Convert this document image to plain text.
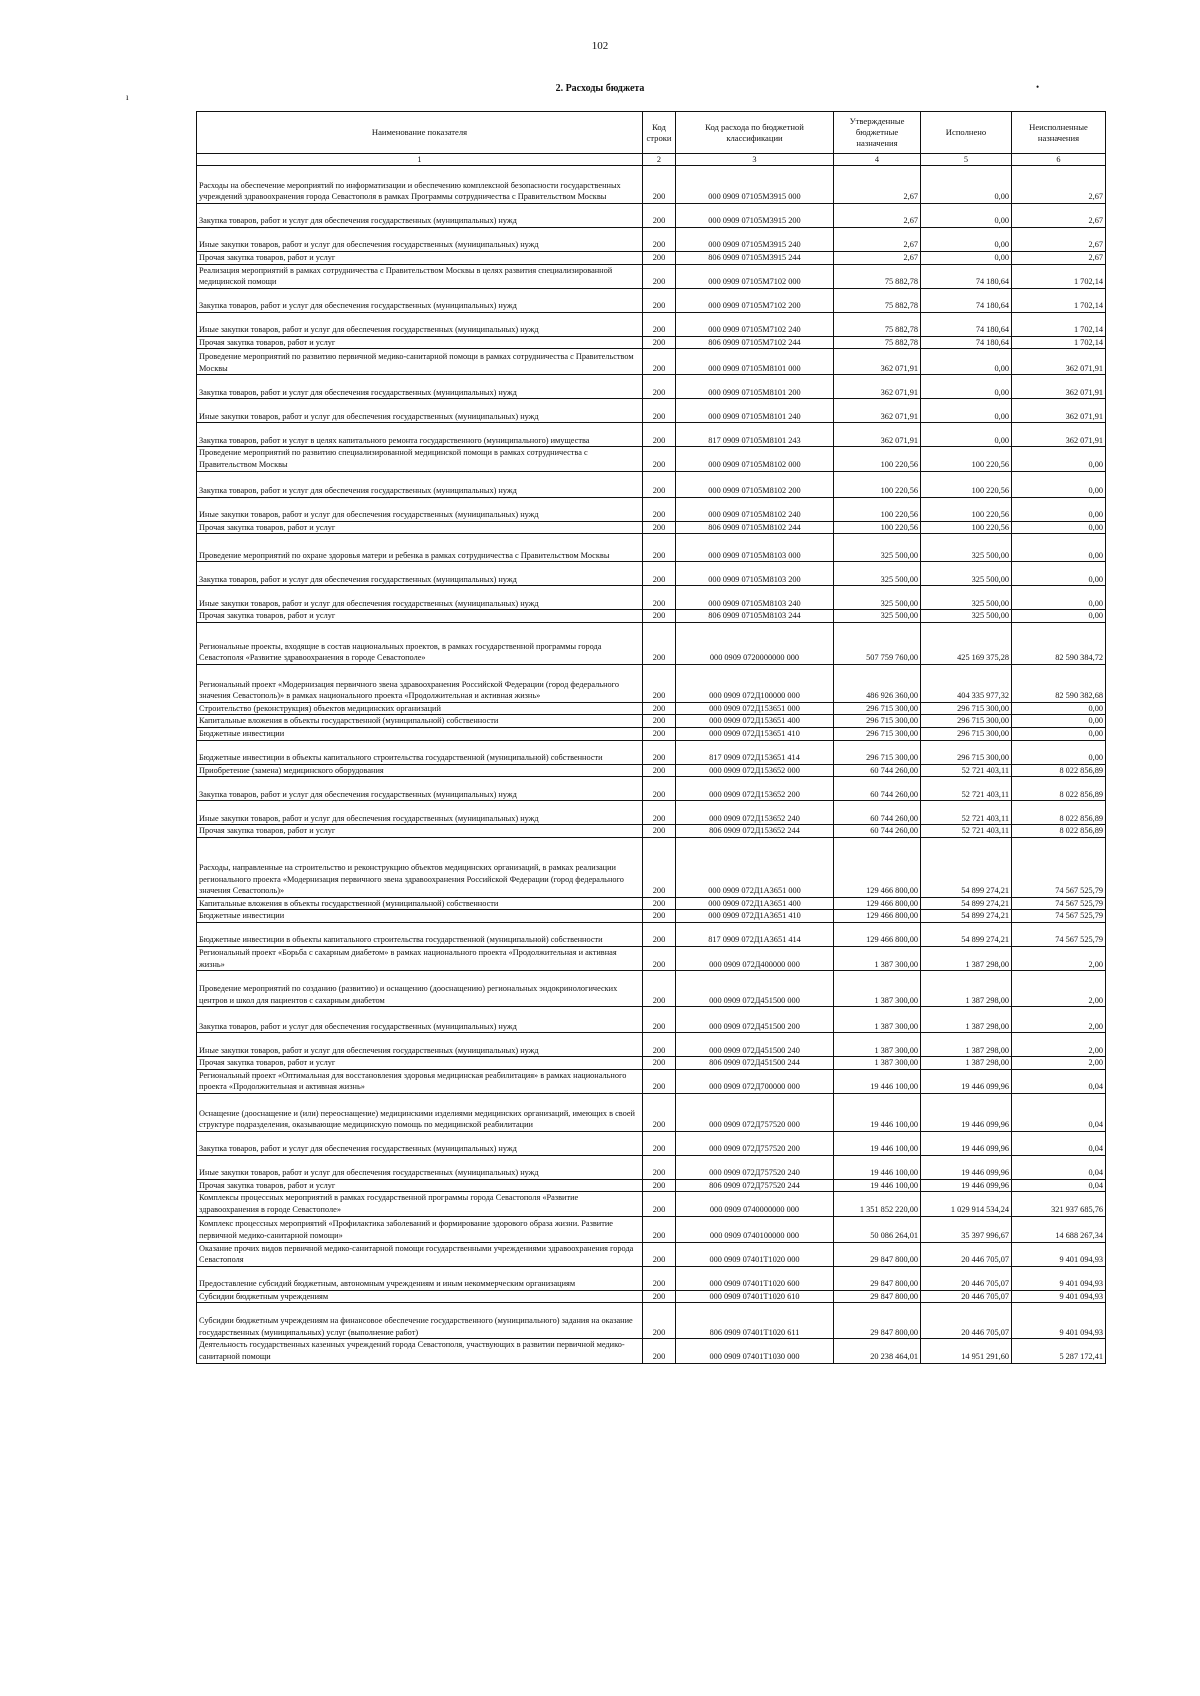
102
ı
2. Расходы бюджета	•
Наименование показателя	Код строки	Код расхода по бюджетной классификации	Утвержденные бюджетные назначения	Исполнено	Неисполненные назначения
1	2	3	4	5	6
Расходы на обеспечение мероприятий по информатизации и обеспечению комплексной безопасности государственных учреждений здравоохранения города Севастополя в рамках Программы сотрудничества с Правительством Москвы	200	000 0909 07105М3915 000	2,67	0,00	2,67
Закупка товаров, работ и услуг для обеспечения государственных (муниципальных) нужд	200	000 0909 07105М3915 200	2,67	0,00	2,67
Иные закупки товаров, работ и услуг для обеспечения государственных (муниципальных) нужд	200	000 0909 07105М3915 240	2,67	0,00	2,67
Прочая закупка товаров, работ и услуг	200	806 0909 07105М3915 244	2,67	0,00	2,67
Реализация мероприятий в рамках сотрудничества с Правительством Москвы в целях развития специализированной медицинской помощи	200	000 0909 07105М7102 000	75 882,78	74 180,64	1 702,14
Закупка товаров, работ и услуг для обеспечения государственных (муниципальных) нужд	200	000 0909 07105М7102 200	75 882,78	74 180,64	1 702,14
Иные закупки товаров, работ и услуг для обеспечения государственных (муниципальных) нужд	200	000 0909 07105М7102 240	75 882,78	74 180,64	1 702,14
Прочая закупка товаров, работ и услуг	200	806 0909 07105М7102 244	75 882,78	74 180,64	1 702,14
Проведение мероприятий по развитию первичной медико-санитарной помощи в рамках сотрудничества с Правительством Москвы	200	000 0909 07105М8101 000	362 071,91	0,00	362 071,91
Закупка товаров, работ и услуг для обеспечения государственных (муниципальных) нужд	200	000 0909 07105М8101 200	362 071,91	0,00	362 071,91
Иные закупки товаров, работ и услуг для обеспечения государственных (муниципальных) нужд	200	000 0909 07105М8101 240	362 071,91	0,00	362 071,91
Закупка товаров, работ и услуг в целях капитального ремонта государственного (муниципального) имущества	200	817 0909 07105М8101 243	362 071,91	0,00	362 071,91
Проведение мероприятий по развитию специализированной медицинской помощи в рамках сотрудничества с Правительством Москвы	200	000 0909 07105М8102 000	100 220,56	100 220,56	0,00
Закупка товаров, работ и услуг для обеспечения государственных (муниципальных) нужд	200	000 0909 07105М8102 200	100 220,56	100 220,56	0,00
Иные закупки товаров, работ и услуг для обеспечения государственных (муниципальных) нужд	200	000 0909 07105М8102 240	100 220,56	100 220,56	0,00
Прочая закупка товаров, работ и услуг	200	806 0909 07105М8102 244	100 220,56	100 220,56	0,00
Проведение мероприятий по охране здоровья матери и ребенка в рамках сотрудничества с Правительством Москвы	200	000 0909 07105М8103 000	325 500,00	325 500,00	0,00
Закупка товаров, работ и услуг для обеспечения государственных (муниципальных) нужд	200	000 0909 07105М8103 200	325 500,00	325 500,00	0,00
Иные закупки товаров, работ и услуг для обеспечения государственных (муниципальных) нужд	200	000 0909 07105М8103 240	325 500,00	325 500,00	0,00
Прочая закупка товаров, работ и услуг	200	806 0909 07105М8103 244	325 500,00	325 500,00	0,00
Региональные проекты, входящие в состав национальных проектов, в рамках государственной программы города Севастополя «Развитие здравоохранения в городе Севастополе»	200	000 0909 0720000000 000	507 759 760,00	425 169 375,28	82 590 384,72
Региональный проект «Модернизация первичного звена здравоохранения Российской Федерации (город федерального значения Севастополь)» в рамках национального проекта «Продолжительная и активная жизнь»	200	000 0909 072Д100000 000	486 926 360,00	404 335 977,32	82 590 382,68
Строительство (реконструкция) объектов медицинских организаций	200	000 0909 072Д153651 000	296 715 300,00	296 715 300,00	0,00
Капитальные вложения в объекты государственной (муниципальной) собственности	200	000 0909 072Д153651 400	296 715 300,00	296 715 300,00	0,00
Бюджетные инвестиции	200	000 0909 072Д153651 410	296 715 300,00	296 715 300,00	0,00
Бюджетные инвестиции в объекты капитального строительства государственной (муниципальной) собственности	200	817 0909 072Д153651 414	296 715 300,00	296 715 300,00	0,00
Приобретение (замена) медицинского оборудования	200	000 0909 072Д153652 000	60 744 260,00	52 721 403,11	8 022 856,89
Закупка товаров, работ и услуг для обеспечения государственных (муниципальных) нужд	200	000 0909 072Д153652 200	60 744 260,00	52 721 403,11	8 022 856,89
Иные закупки товаров, работ и услуг для обеспечения государственных (муниципальных) нужд	200	000 0909 072Д153652 240	60 744 260,00	52 721 403,11	8 022 856,89
Прочая закупка товаров, работ и услуг	200	806 0909 072Д153652 244	60 744 260,00	52 721 403,11	8 022 856,89
Расходы, направленные на строительство и реконструкцию объектов медицинских организаций, в рамках реализации регионального проекта «Модернизация первичного звена здравоохранения Российской Федерации (город федерального значения Севастополь)»	200	000 0909 072Д1А3651 000	129 466 800,00	54 899 274,21	74 567 525,79
Капитальные вложения в объекты государственной (муниципальной) собственности	200	000 0909 072Д1А3651 400	129 466 800,00	54 899 274,21	74 567 525,79
Бюджетные инвестиции	200	000 0909 072Д1А3651 410	129 466 800,00	54 899 274,21	74 567 525,79
Бюджетные инвестиции в объекты капитального строительства государственной (муниципальной) собственности	200	817 0909 072Д1А3651 414	129 466 800,00	54 899 274,21	74 567 525,79
Региональный проект «Борьба с сахарным диабетом» в рамках национального проекта «Продолжительная и активная жизнь»	200	000 0909 072Д400000 000	1 387 300,00	1 387 298,00	2,00
Проведение мероприятий по созданию (развитию) и оснащению (дооснащению) региональных эндокринологических центров и школ для пациентов с сахарным диабетом	200	000 0909 072Д451500 000	1 387 300,00	1 387 298,00	2,00
Закупка товаров, работ и услуг для обеспечения государственных (муниципальных) нужд	200	000 0909 072Д451500 200	1 387 300,00	1 387 298,00	2,00
Иные закупки товаров, работ и услуг для обеспечения государственных (муниципальных) нужд	200	000 0909 072Д451500 240	1 387 300,00	1 387 298,00	2,00
Прочая закупка товаров, работ и услуг	200	806 0909 072Д451500 244	1 387 300,00	1 387 298,00	2,00
Региональный проект «Оптимальная для восстановления здоровья медицинская реабилитация» в рамках национального проекта «Продолжительная и активная жизнь»	200	000 0909 072Д700000 000	19 446 100,00	19 446 099,96	0,04
Оснащение (дооснащение и (или) переоснащение) медицинскими изделиями медицинских организаций, имеющих в своей структуре подразделения, оказывающие медицинскую помощь по медицинской реабилитации	200	000 0909 072Д757520 000	19 446 100,00	19 446 099,96	0,04
Закупка товаров, работ и услуг для обеспечения государственных (муниципальных) нужд	200	000 0909 072Д757520 200	19 446 100,00	19 446 099,96	0,04
Иные закупки товаров, работ и услуг для обеспечения государственных (муниципальных) нужд	200	000 0909 072Д757520 240	19 446 100,00	19 446 099,96	0,04
Прочая закупка товаров, работ и услуг	200	806 0909 072Д757520 244	19 446 100,00	19 446 099,96	0,04
Комплексы процессных мероприятий в рамках государственной программы города Севастополя «Развитие здравоохранения в городе Севастополе»	200	000 0909 0740000000 000	1 351 852 220,00	1 029 914 534,24	321 937 685,76
Комплекс процессных мероприятий «Профилактика заболеваний и формирование здорового образа жизни. Развитие первичной медико-санитарной помощи»	200	000 0909 0740100000 000	50 086 264,01	35 397 996,67	14 688 267,34
Оказание прочих видов первичной медико-санитарной помощи государственными учреждениями здравоохранения города Севастополя	200	000 0909 07401Т1020 000	29 847 800,00	20 446 705,07	9 401 094,93
Предоставление субсидий бюджетным, автономным учреждениям и иным некоммерческим организациям	200	000 0909 07401Т1020 600	29 847 800,00	20 446 705,07	9 401 094,93
Субсидии бюджетным учреждениям	200	000 0909 07401Т1020 610	29 847 800,00	20 446 705,07	9 401 094,93
Субсидии бюджетным учреждениям на финансовое обеспечение государственного (муниципального) задания на оказание государственных (муниципальных) услуг (выполнение работ)	200	806 0909 07401Т1020 611	29 847 800,00	20 446 705,07	9 401 094,93
Деятельность государственных казенных учреждений города Севастополя, участвующих в развитии первичной медико-санитарной помощи	200	000 0909 07401Т1030 000	20 238 464,01	14 951 291,60	5 287 172,41
